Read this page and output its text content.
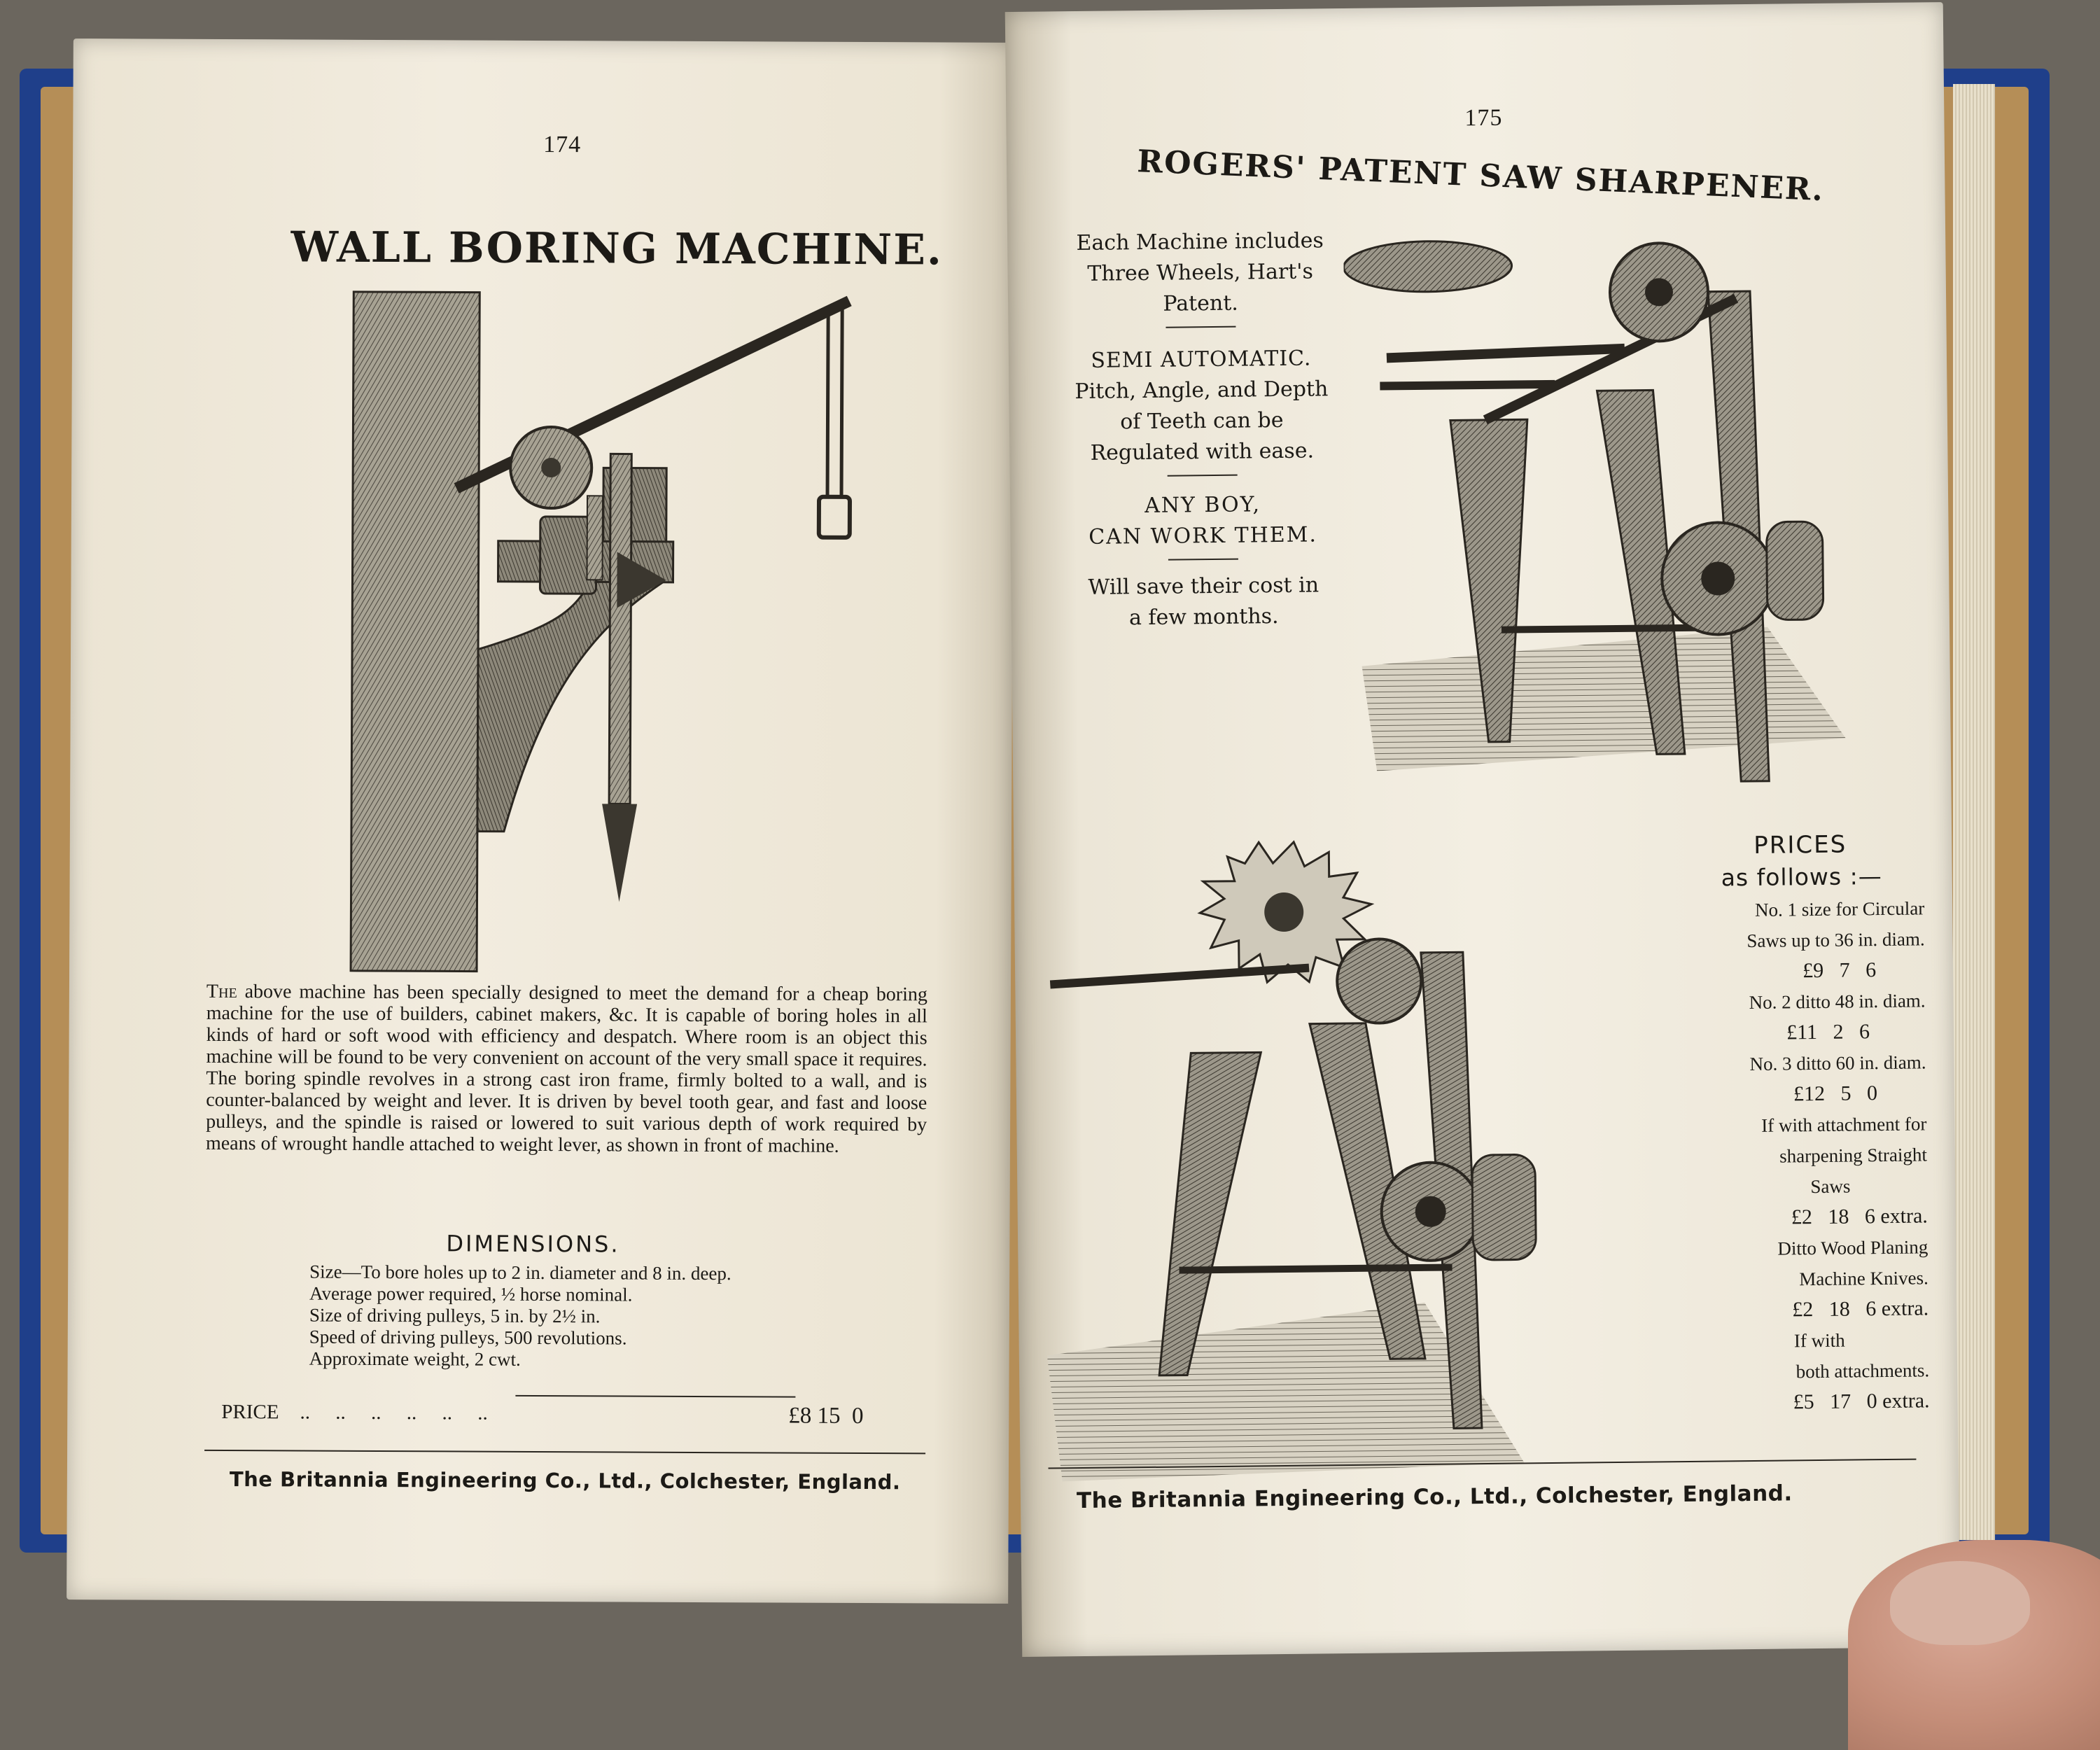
174
WALL BORING MACHINE.
The above machine has been specially designed to meet the demand for a cheap boring machine for the use of builders, cabinet makers, &c. It is capable of boring holes in all kinds of hard or soft wood with efficiency and despatch. Where room is an object this machine will be found to be very convenient on account of the very small space it requires. The boring spindle revolves in a strong cast iron frame, firmly bolted to a wall, and is counter-balanced by weight and lever. It is driven by bevel tooth gear, and fast and loose pulleys, and the spindle is raised or lowered to suit various depth of work required by means of wrought handle attached to weight lever, as shown in front of machine.
DIMENSIONS.
Size—To bore holes up to 2 in. diameter and 8 in. deep.
Average power required, ½ horse nominal.
Size of driving pulleys, 5 in. by 2½ in.
Speed of driving pulleys, 500 revolutions.
Approximate weight, 2 cwt.
PRICE ..     ..     ..     ..     ..     ..	£8 15  0
The Britannia Engineering Co., Ltd., Colchester, England.
175
ROGERS' PATENT SAW SHARPENER.
Each Machine includes
Three Wheels, Hart's
Patent.
SEMI AUTOMATIC.
Pitch, Angle, and Depth
of Teeth can be
Regulated with ease.
ANY BOY,
CAN WORK THEM.
Will save their cost in
a few months.
PRICES
as follows :—
No. 1 size for Circular
Saws up to 36 in. diam.
£9   7   6
No. 2 ditto 48 in. diam.
£11   2   6
No. 3 ditto 60 in. diam.
£12   5   0
If with attachment for
sharpening Straight
Saws
£2   18   6 extra.
Ditto Wood Planing
Machine Knives.
£2   18   6 extra.
If with
both attachments.
£5   17   0 extra.
The Britannia Engineering Co., Ltd., Colchester, England.
